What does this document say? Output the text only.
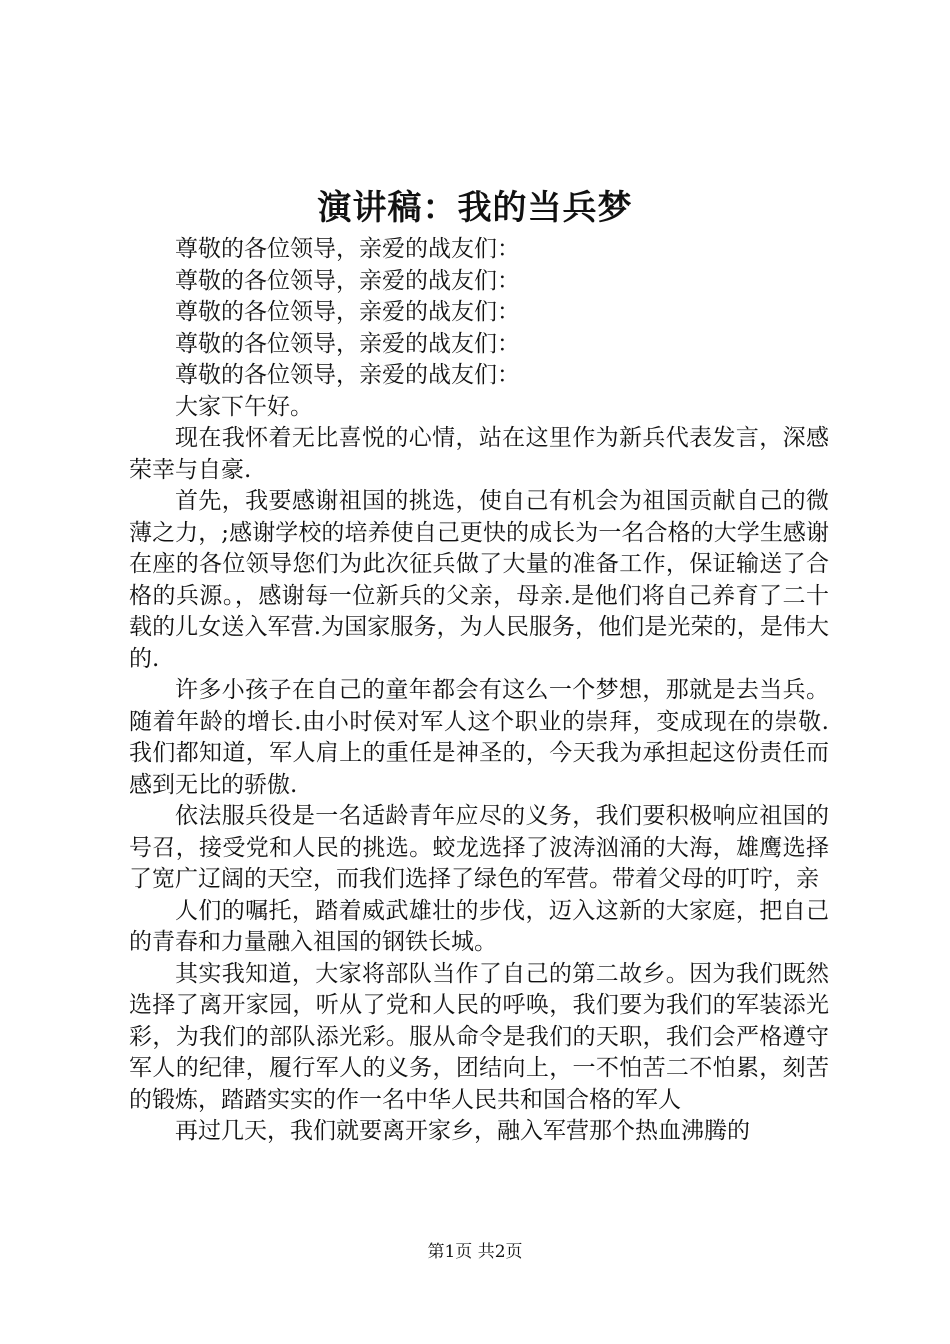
演讲稿：我的当兵梦

尊敬的各位领导，亲爱的战友们：

尊敬的各位领导，亲爱的战友们：

尊敬的各位领导，亲爱的战友们：

尊敬的各位领导，亲爱的战友们：

尊敬的各位领导，亲爱的战友们：

大家下午好。

现在我怀着无比喜悦的心情，站在这里作为新兵代表发言，深感荣幸与自豪.

首先，我要感谢祖国的挑选，使自己有机会为祖国贡献自己的微薄之力，;感谢学校的培养使自己更快的成长为一名合格的大学生感谢在座的各位领导您们为此次征兵做了大量的准备工作，保证输送了合格的兵源。，感谢每一位新兵的父亲，母亲.是他们将自己养育了二十载的儿女送入军营.为国家服务，为人民服务，他们是光荣的，是伟大的.

许多小孩子在自己的童年都会有这么一个梦想，那就是去当兵。随着年龄的增长.由小时侯对军人这个职业的崇拜，变成现在的崇敬.我们都知道，军人肩上的重任是神圣的，今天我为承担起这份责任而感到无比的骄傲.

依法服兵役是一名适龄青年应尽的义务，我们要积极响应祖国的号召，接受党和人民的挑选。蛟龙选择了波涛汹涌的大海，雄鹰选择了宽广辽阔的天空，而我们选择了绿色的军营。带着父母的叮咛，亲

人们的嘱托，踏着威武雄壮的步伐，迈入这新的大家庭，把自己的青春和力量融入祖国的钢铁长城。

其实我知道，大家将部队当作了自己的第二故乡。因为我们既然选择了离开家园，听从了党和人民的呼唤，我们要为我们的军装添光彩，为我们的部队添光彩。服从命令是我们的天职，我们会严格遵守军人的纪律，履行军人的义务，团结向上，一不怕苦二不怕累，刻苦的锻炼，踏踏实实的作一名中华人民共和国合格的军人

再过几天，我们就要离开家乡，融入军营那个热血沸腾的

第1页 共2页
